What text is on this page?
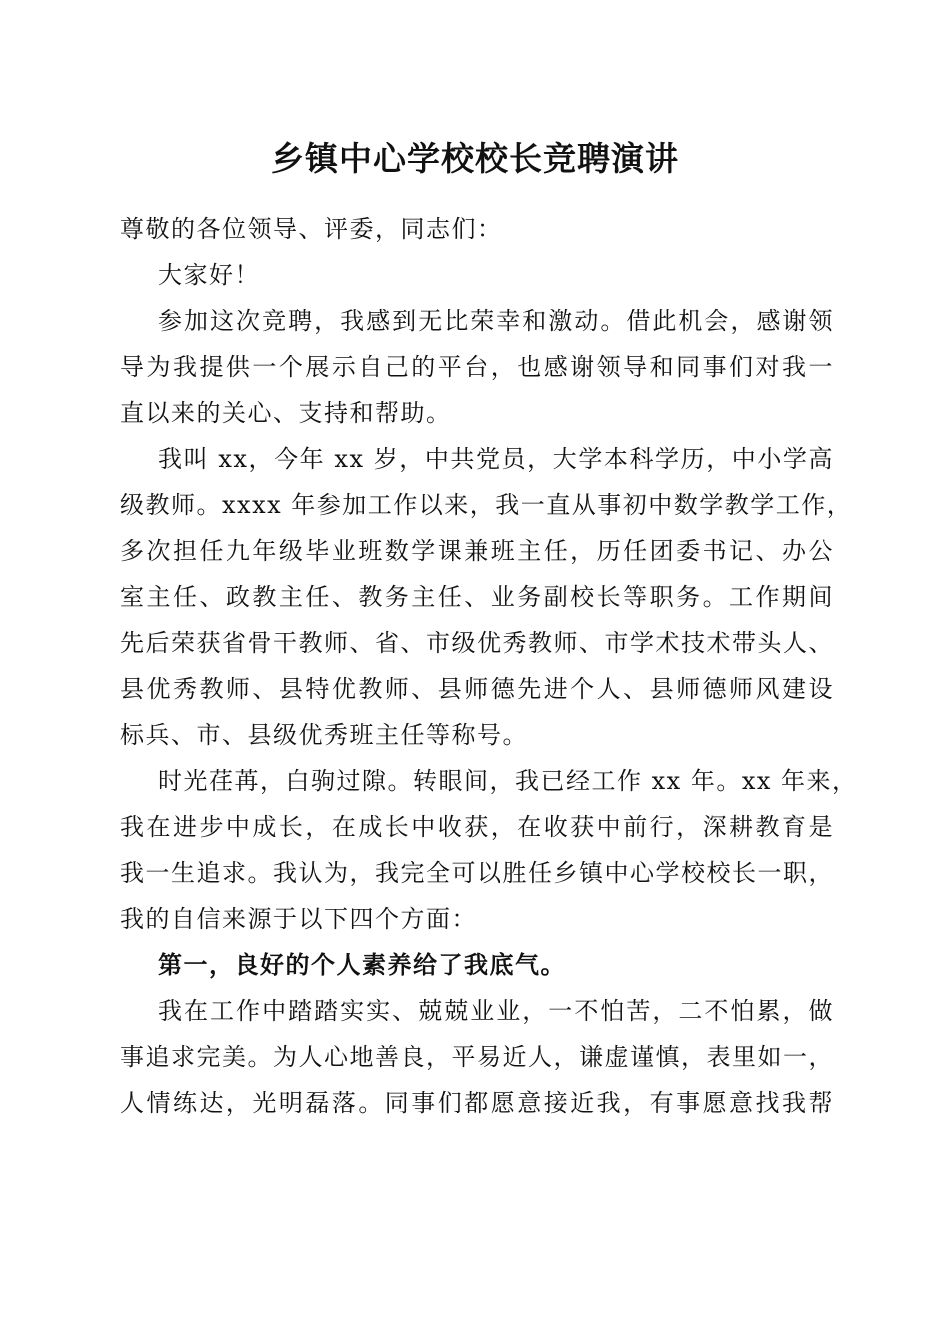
乡镇中心学校校长竞聘演讲
尊敬的各位领导、评委，同志们：
大家好！
参加这次竞聘，我感到无比荣幸和激动。借此机会，感谢领
导为我提供一个展示自己的平台，也感谢领导和同事们对我一
直以来的关心、支持和帮助。
我叫 xx，今年 xx 岁，中共党员，大学本科学历，中小学高
级教师。xxxx 年参加工作以来，我一直从事初中数学教学工作，
多次担任九年级毕业班数学课兼班主任，历任团委书记、办公
室主任、政教主任、教务主任、业务副校长等职务。工作期间
先后荣获省骨干教师、省、市级优秀教师、市学术技术带头人、
县优秀教师、县特优教师、县师德先进个人、县师德师风建设
标兵、市、县级优秀班主任等称号。
时光荏苒，白驹过隙。转眼间，我已经工作 xx 年。xx 年来，
我在进步中成长，在成长中收获，在收获中前行，深耕教育是
我一生追求。我认为，我完全可以胜任乡镇中心学校校长一职，
我的自信来源于以下四个方面：
第一，良好的个人素养给了我底气。
我在工作中踏踏实实、兢兢业业，一不怕苦，二不怕累，做
事追求完美。为人心地善良，平易近人，谦虚谨慎，表里如一，
人情练达，光明磊落。同事们都愿意接近我，有事愿意找我帮
